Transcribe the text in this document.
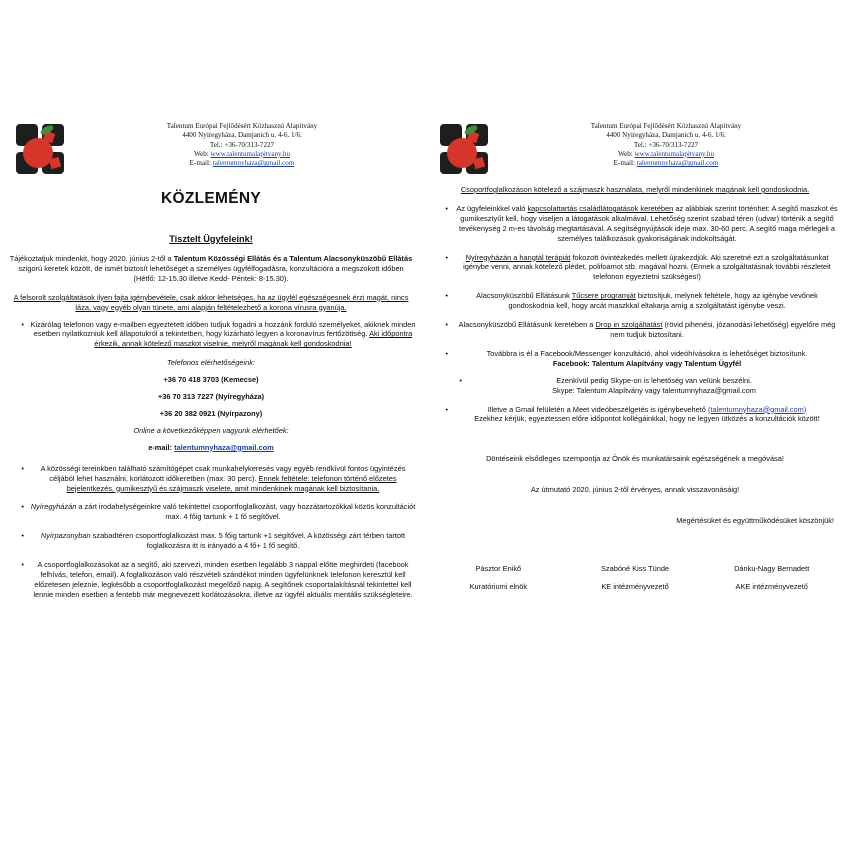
Talentum Európai Fejlődésért Közhasznú Alapítvány
4400 Nyíregyháza, Damjanich u. 4-6. 1/6.
Tel.: +36-70/313-7227
Web: www.talentumalapitvany.hu
E-mail: talentumnyhaza@gmail.com
KÖZLEMÉNY
Tisztelt Ügyfeleink!

Tájékoztatjuk mindenkit, hogy 2020. június 2-től a Talentum Közösségi Ellátás és a Talentum Alacsonyküszöbű Ellátás szigorú keretek között, de ismét biztosít lehetőséget a személyes ügyfélfogadásra, konzultációra a megszokott időben
(Hétfő: 12-15.30 illetve Kedd- Péntek: 8-15.30).

A felsorolt szolgáltatások ilyen fajta igénybevétele, csak akkor lehetséges, ha az ügyfél egészségesnek érzi magát, nincs láza, vagy egyéb olyan tünete, ami alapján feltételezhető a korona vírusra gyanúja.

• Kizárólag telefonon vagy e-mailben egyeztetett időben tudjuk fogadni a hozzánk forduló személyeket, akiknek minden esetben nyilatkozniuk kell állapotukról a tekintetben, hogy kizárható legyen a koronavírus fertőzöttség. Aki időpontra érkezik, annak kötelező maszkot viselnie, melyről magának kell gondoskodnia!

Telefonos elérhetőségeink:

+36 70 418 3703 (Kemecse)

+36 70 313 7227 (Nyíregyháza)

+36 20 382 0921 (Nyírpazony)

Online a következőképpen vagyunk elérhetőek:

e-mail: talentumnyhaza@gmail.com

•	A közösségi tereinkben található számítógépet csak munkahelykeresés vagy egyéb rendkívül fontos ügyintézés céljából lehet használni, korlátozott időkeretben (max. 30 perc). Ennek feltétele: telefonon történő előzetes bejelentkezés, gumikesztyű és szájmaszk viselete, amit mindenkinek magának kell biztosítania.
• Nyíregyházán a zárt irodahelységeinkre való tekintettel csoportfoglalkozást, vagy hozzátartozókkal közös konzultációt max. 4 főig tartunk + 1 fő segítővel.
•	Nyírpazonyban szabadtéren csoportfoglalkozást max. 5 főig tartunk +1 segítővel. A közösségi zárt térben tartott foglalkozásra itt is irányadó a 4 fő+ 1 fő segítő.
•	A csoportfoglalkozásokat az a segítő, aki szervezi, minden esetben legalább 3 nappal előtte meghirdeti (facebook felhívás, telefon, email). A foglalkozáson való részvételi szándékot minden ügyfelünknek telefonon keresztül kell előzetesen jeleznie, legkésőbb a csoportfoglalkozást megelőző napig. A segítőnek csoportalakításnál tekintettel kell lennie minden esetben a fentebb már megnevezett korlátozásokra, illetve az ügyfél aktuális mentális szükségleteire.
Talentum Európai Fejlődésért Közhasznú Alapítvány
4400 Nyíregyháza, Damjanich u. 4-6. 1/6.
Tel.: +36-70/313-7227
Web: www.talentumalapitvany.hu
E-mail: talentumnyhaza@gmail.com

Csoportfoglalkozáson kötelező a szájmaszk használata, melyről mindenkinek magának kell gondoskodnia.

•	Az ügyfeleinkkel való kapcsolattartás családlátogatások keretében az alábbiak szerint történhet: A segítő maszkot és gumikesztyűt kell, hogy viseljen a látogatások alkalmával. Lehetőség szerint szabad téren (udvar) történik a segítő tevékenység 2 m-es távolság megtartásával. A segítségnyújtások ideje max. 30-60 perc. A segítő maga mérlegeli a személyes találkozások gyakoriságának indokoltságát.
•	Nyíregyházán a hangtál terápiát fokozott óvintézkedés mellett újrakezdjük. Aki szeretné ezt a szolgáltatásunkat igénybe venni, annak kötelező plédet, polifoamot stb. magával hozni. (Ennek a szolgáltatásnak további részleteit telefonon egyeztetni szükséges!)
•	Alacsonyküszöbű Ellátásunk Tűcsere programját biztosítjuk, melynek feltétele, hogy az igénybe vevőnek gondoskodnia kell, hogy arcát maszkkal eltakarja amíg a szolgáltatást igénybe veszi.
•	Alacsonyküszöbű Ellátásunk keretében a Drop in szolgáltatást (rövid pihenési, józanodási lehetőség) egyelőre még nem tudjuk biztosítani.
•	Továbbra is él a Facebook/Messenger konzultáció, ahol videóhívásokra is lehetőséget biztosítunk.
Facebook: Talentum Alapítvány vagy Talentum Ügyfél
•	Ezenkívül pedig Skype-on is lehetőség van velünk beszélni.
Skype: Talentum Alapítvány vagy talentumnyhaza@gmail.com
•	Illetve a Gmail felületén a Meet videóbeszélgetés is igénybevehető (talentumnyhaza@gmail.com)
Ezekhez kérjük, egyeztessen előre időpontot kollégáinkkal, hogy ne legyen ütközés a konzultációk között!

Döntéseink elsődleges szempontja az Önök és munkatársaink egészségének a megóvása!

Az útmutató 2020. június 2-től érvényes, annak visszavonásáig!

Megértésüket és együttműködésüket köszönjük!

Pásztor Enikő	Szabóné Kiss Tünde	Dánku-Nagy Bernadett
Kuratóriumi elnök	KE intézményvezető	AKE intézményvezető
